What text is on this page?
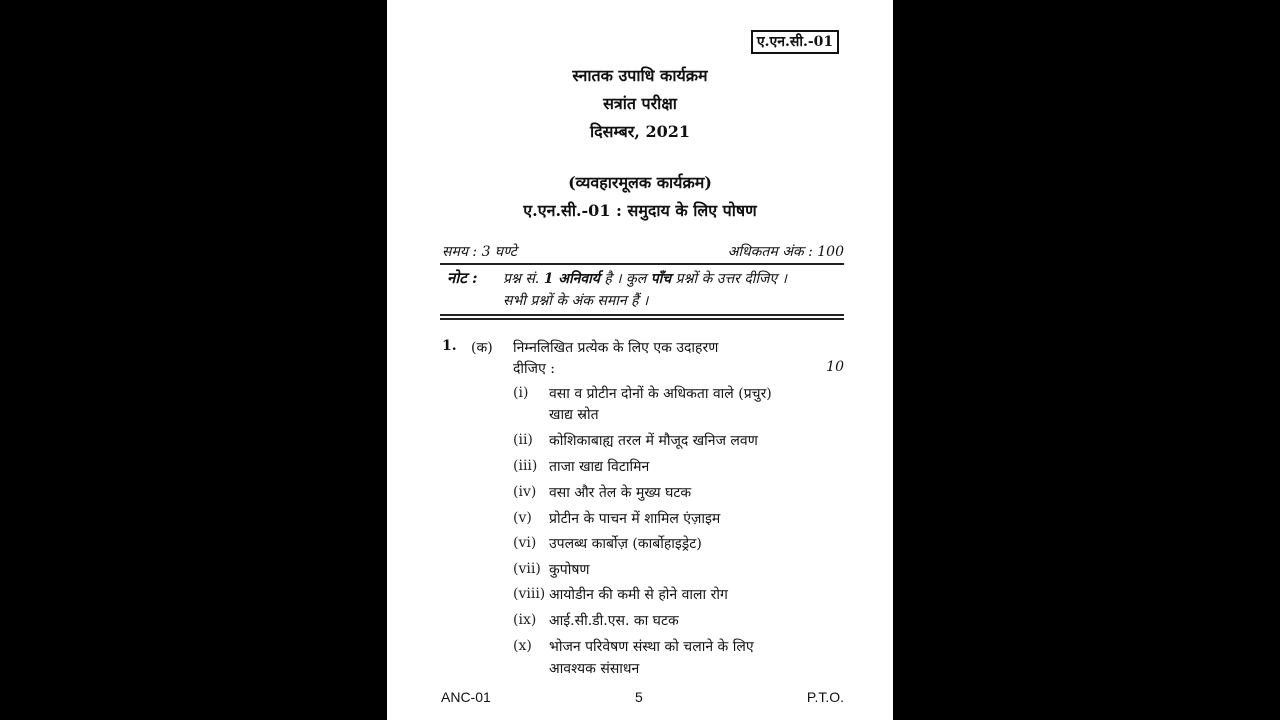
ए.एन.सी.-01
स्नातक उपाधि कार्यक्रम
सत्रांत परीक्षा
दिसम्बर, 2021
(व्यवहारमूलक कार्यक्रम)
ए.एन.सी.-01 : समुदाय के लिए पोषण
समय : 3 घण्टे	अधिकतम अंक : 100
नोट : प्रश्न सं. 1 अनिवार्य है । कुल पाँच प्रश्नों के उत्तर दीजिए ।
सभी प्रश्नों के अंक समान हैं ।
1. (क) निम्नलिखित प्रत्येक के लिए एक उदाहरण
दीजिए :	10
(i) वसा व प्रोटीन दोनों के अधिकता वाले (प्रचुर)
खाद्य स्रोत
(ii) कोशिकाबाह्य तरल में मौजूद खनिज लवण
(iii) ताजा खाद्य विटामिन
(iv) वसा और तेल के मुख्य घटक
(v) प्रोटीन के पाचन में शामिल एंज़ाइम
(vi) उपलब्ध कार्बोज़ (कार्बोहाइड्रेट)
(vii) कुपोषण
(viii) आयोडीन की कमी से होने वाला रोग
(ix) आई.सी.डी.एस. का घटक
(x) भोजन परिवेषण संस्था को चलाने के लिए
आवश्यक संसाधन
ANC-01	5	P.T.O.
